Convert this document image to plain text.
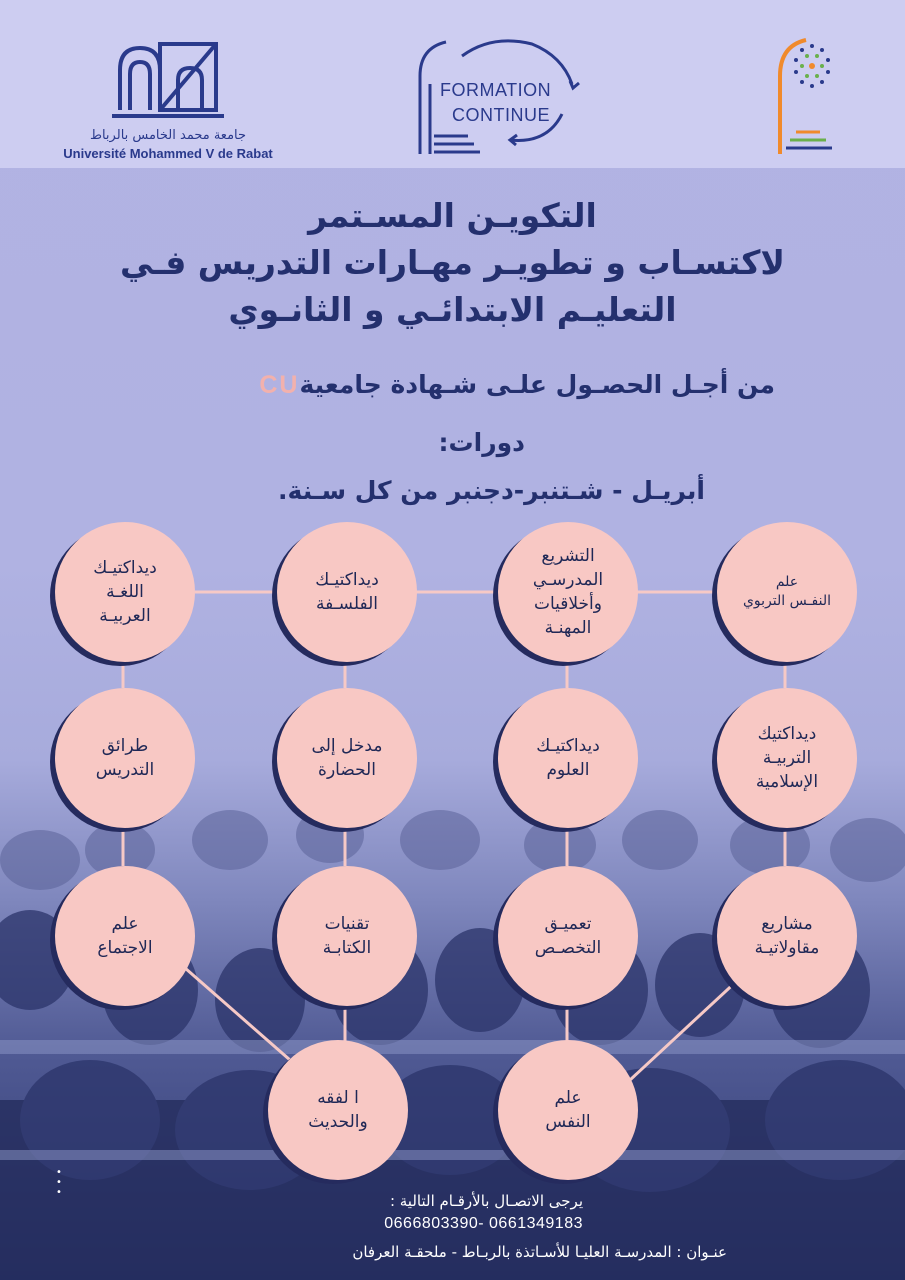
جامعة محمد الخامس بالرباط
Université Mohammed V de Rabat
FORMATION
CONTINUE
التكويـن المسـتمر
لاكتسـاب و تطويـر مهـارات التدريس فـي
التعليـم الابتدائـي و الثانـوي
من أجـل الحصـول علـى شـهادة جامعيةCU
دورات:
أبريـل - شـتنبر-دجنبر من كل سـنة.
ديداكتيـك
اللغـة
العربيـة
ديداكتيـك
الفلسـفة
التشريع
المدرسـي
وأخلاقيات
المهنـة
علم
النفـس التربوي
طرائق
التدريس
مدخل إلى
الحضارة
ديداكتيـك
العلوم
ديداكتيك
التربيـة
الإسلامية
علم
الاجتماع
تقنيات
الكتابـة
تعميـق
التخصـص
مشاريع
مقاولاتيـة
ا لفقه
والحديث
علم
النفس
•
•
•	يرجى الاتصـال بالأرقـام التالية :
0661349183 -0666803390
عنـوان : المدرسـة العليـا للأسـاتذة بالربـاط - ملحقـة العرفان
